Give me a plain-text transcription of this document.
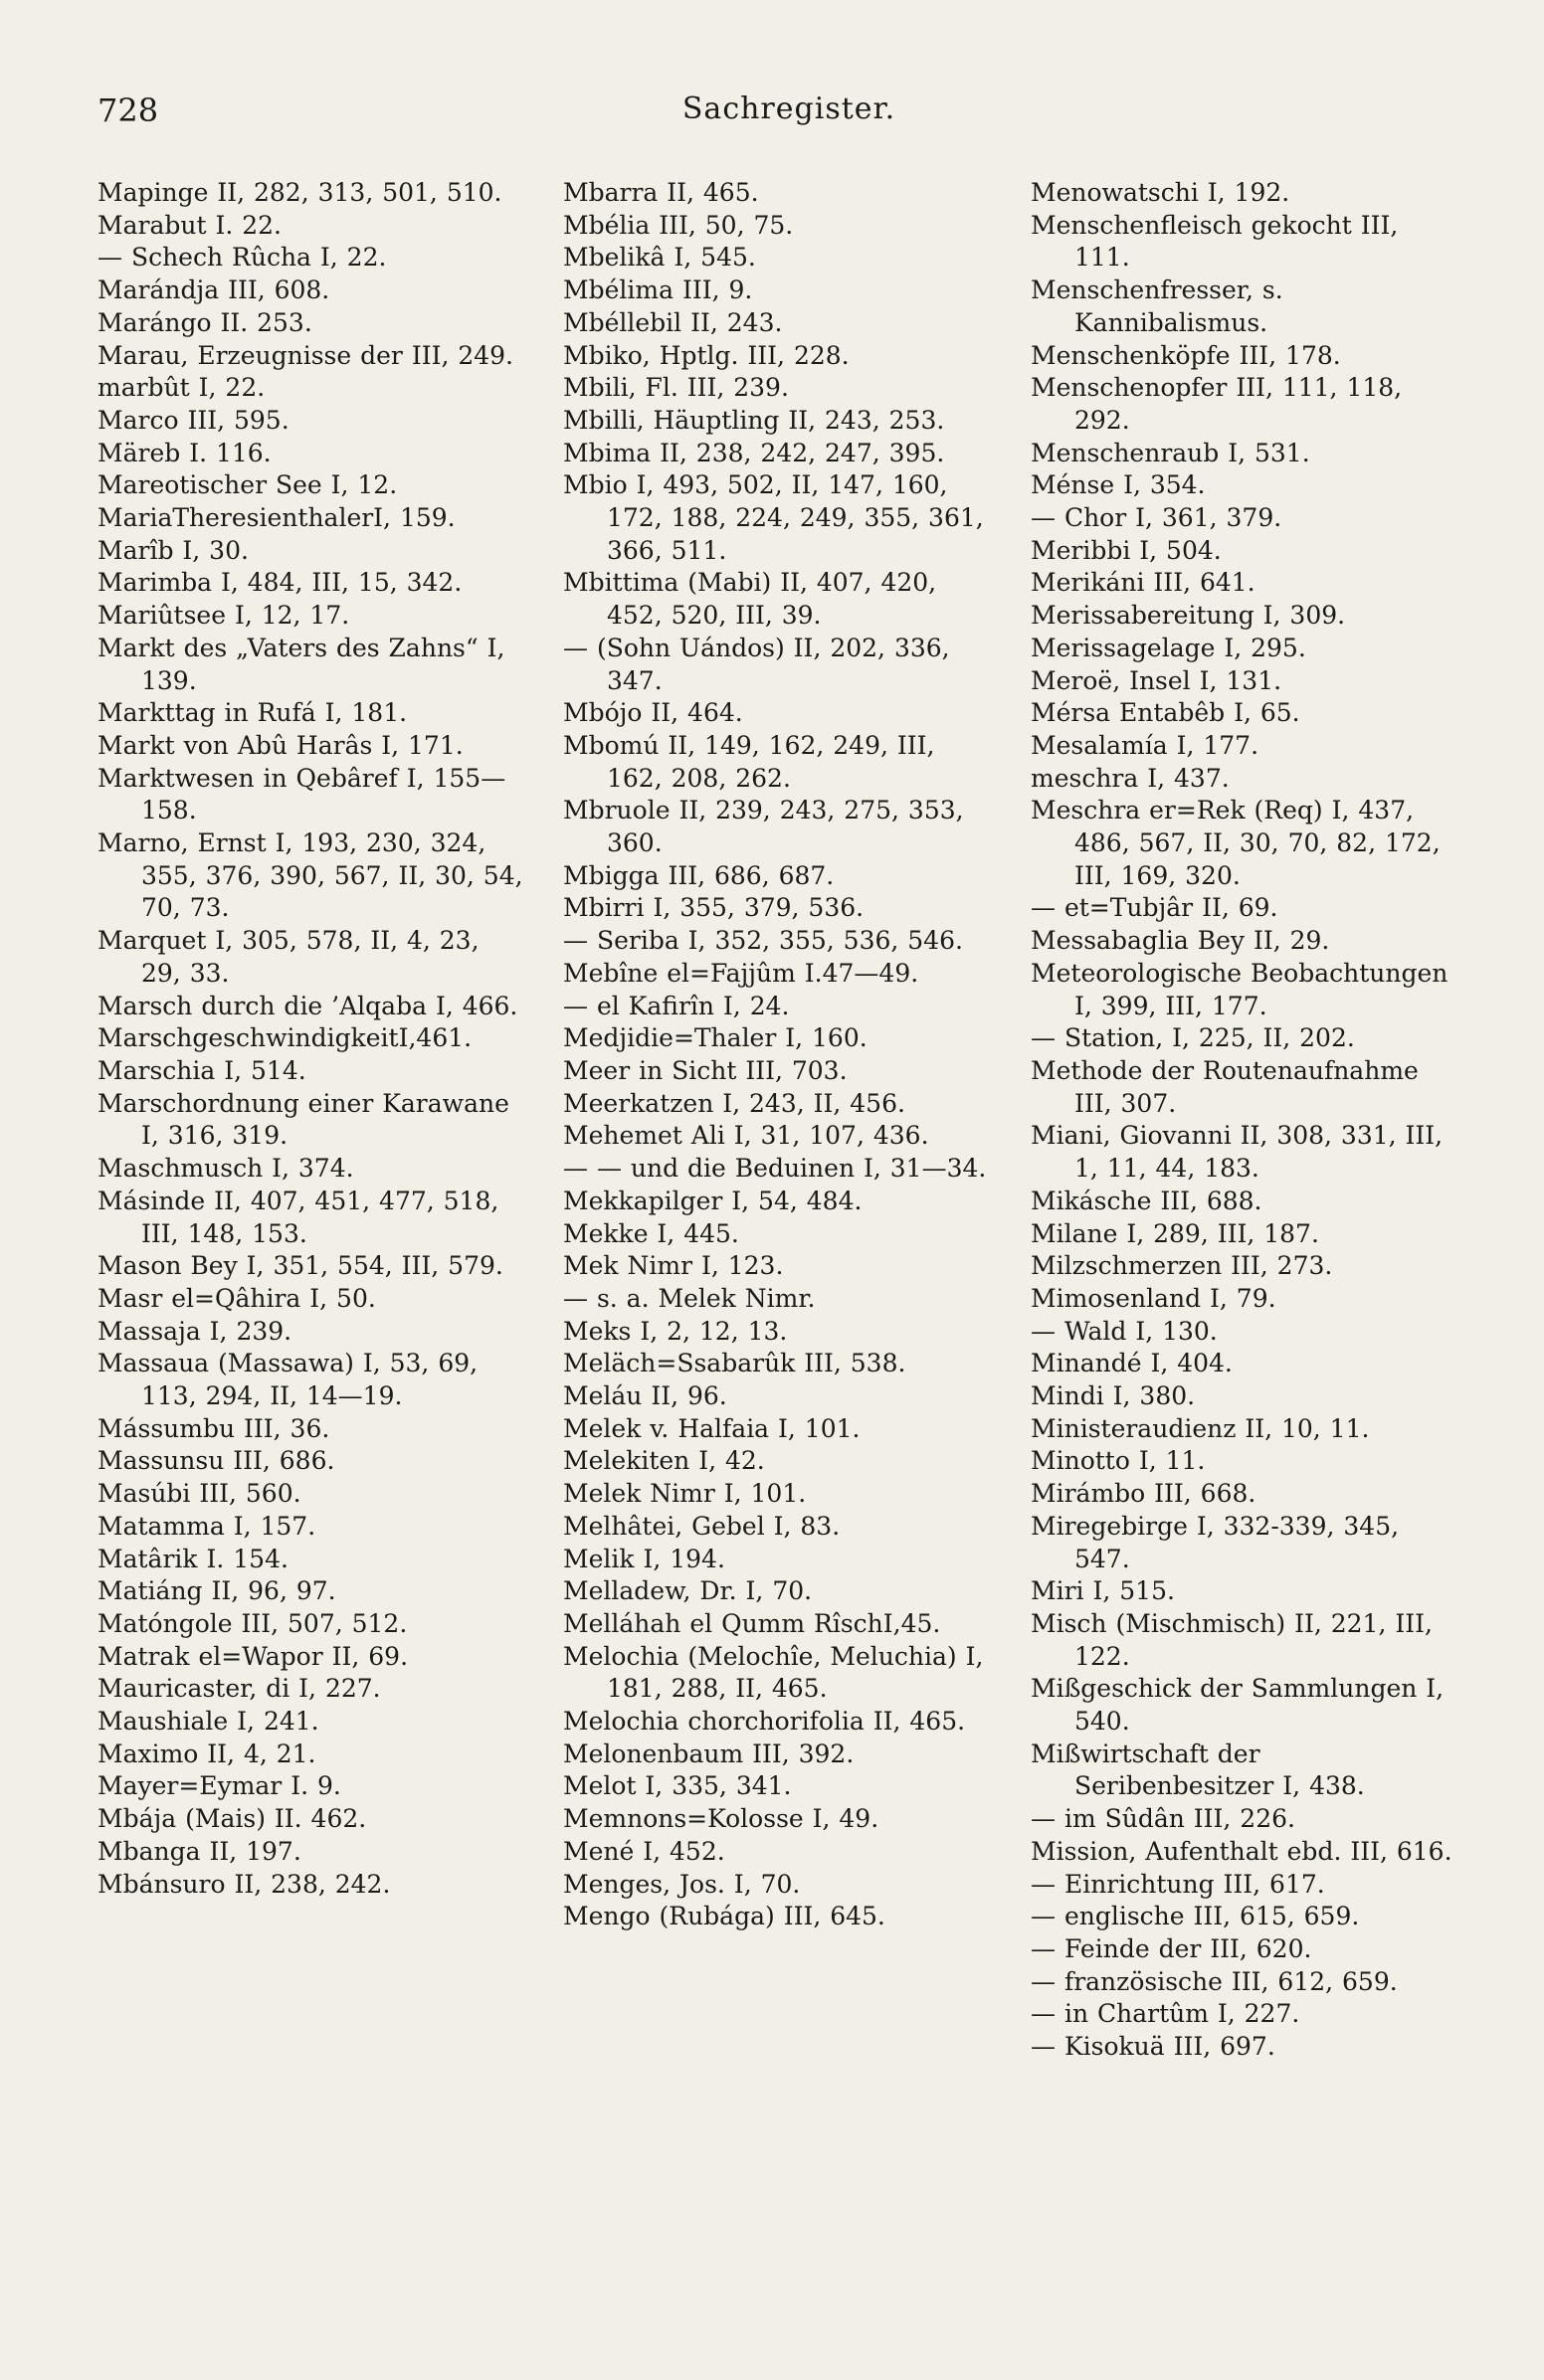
728	Sachregister.
Mapinge II, 282, 313, 501, 510.
Marabut I. 22.
— Schech Rûcha I, 22.
Marándja III, 608.
Marángo II. 253.
Marau, Erzeugnisse der III, 249.
marbût I, 22.
Marco III, 595.
Märeb I. 116.
Mareotischer See I, 12.
MariaTheresienthalerI, 159.
Marîb I, 30.
Marimba I, 484, III, 15, 342.
Mariûtsee I, 12, 17.
Markt des „Vaters des Zahns“ I, 139.
Markttag in Rufá I, 181.
Markt von Abû Harâs I, 171.
Marktwesen in Qebâref I, 155—158.
Marno, Ernst I, 193, 230, 324, 355, 376, 390, 567, II, 30, 54, 70, 73.
Marquet I, 305, 578, II, 4, 23, 29, 33.
Marsch durch die ’Alqaba I, 466.
MarschgeschwindigkeitI,461.
Marschia I, 514.
Marschordnung einer Karawane I, 316, 319.
Maschmusch I, 374.
Másinde II, 407, 451, 477, 518, III, 148, 153.
Mason Bey I, 351, 554, III, 579.
Masr el=Qâhira I, 50.
Massaja I, 239.
Massaua (Massawa) I, 53, 69, 113, 294, II, 14—19.
Mássumbu III, 36.
Massunsu III, 686.
Masúbi III, 560.
Matamma I, 157.
Matârik I. 154.
Matiáng II, 96, 97.
Matóngole III, 507, 512.
Matrak el=Wapor II, 69.
Mauricaster, di I, 227.
Maushiale I, 241.
Maximo II, 4, 21.
Mayer=Eymar I. 9.
Mbája (Mais) II. 462.
Mbanga II, 197.
Mbánsuro II, 238, 242.
Mbarra II, 465.
Mbélia III, 50, 75.
Mbelikâ I, 545.
Mbélima III, 9.
Mbéllebil II, 243.
Mbiko, Hptlg. III, 228.
Mbili, Fl. III, 239.
Mbilli, Häuptling II, 243, 253.
Mbima II, 238, 242, 247, 395.
Mbio I, 493, 502, II, 147, 160, 172, 188, 224, 249, 355, 361, 366, 511.
Mbittima (Mabi) II, 407, 420, 452, 520, III, 39.
— (Sohn Uándos) II, 202, 336, 347.
Mbójo II, 464.
Mbomú II, 149, 162, 249, III, 162, 208, 262.
Mbruole II, 239, 243, 275, 353, 360.
Mbigga III, 686, 687.
Mbirri I, 355, 379, 536.
— Seriba I, 352, 355, 536, 546.
Mebîne el=Fajjûm I.47—49.
— el Kafirîn I, 24.
Medjidie=Thaler I, 160.
Meer in Sicht III, 703.
Meerkatzen I, 243, II, 456.
Mehemet Ali I, 31, 107, 436.
— — und die Beduinen I, 31—34.
Mekkapilger I, 54, 484.
Mekke I, 445.
Mek Nimr I, 123.
— s. a. Melek Nimr.
Meks I, 2, 12, 13.
Meläch=Ssabarûk III, 538.
Meláu II, 96.
Melek v. Halfaia I, 101.
Melekiten I, 42.
Melek Nimr I, 101.
Melhâtei, Gebel I, 83.
Melik I, 194.
Melladew, Dr. I, 70.
Melláhah el Qumm RîschI,45.
Melochia (Melochîe, Meluchia) I, 181, 288, II, 465.
Melochia chorchorifolia II, 465.
Melonenbaum III, 392.
Melot I, 335, 341.
Memnons=Kolosse I, 49.
Mené I, 452.
Menges, Jos. I, 70.
Mengo (Rubága) III, 645.
Menowatschi I, 192.
Menschenfleisch gekocht III, 111.
Menschenfresser, s. Kannibalismus.
Menschenköpfe III, 178.
Menschenopfer III, 111, 118, 292.
Menschenraub I, 531.
Ménse I, 354.
— Chor I, 361, 379.
Meribbi I, 504.
Merikáni III, 641.
Merissabereitung I, 309.
Merissagelage I, 295.
Meroë, Insel I, 131.
Mérsa Entabêb I, 65.
Mesalamía I, 177.
meschra I, 437.
Meschra er=Rek (Req) I, 437, 486, 567, II, 30, 70, 82, 172, III, 169, 320.
— et=Tubjâr II, 69.
Messabaglia Bey II, 29.
Meteorologische Beobachtungen I, 399, III, 177.
— Station, I, 225, II, 202.
Methode der Routenaufnahme III, 307.
Miani, Giovanni II, 308, 331, III, 1, 11, 44, 183.
Mikásche III, 688.
Milane I, 289, III, 187.
Milzschmerzen III, 273.
Mimosenland I, 79.
— Wald I, 130.
Minandé I, 404.
Mindi I, 380.
Ministeraudienz II, 10, 11.
Minotto I, 11.
Mirámbo III, 668.
Miregebirge I, 332-339, 345, 547.
Miri I, 515.
Misch (Mischmisch) II, 221, III, 122.
Mißgeschick der Sammlungen I, 540.
Mißwirtschaft der Seribenbesitzer I, 438.
— im Sûdân III, 226.
Mission, Aufenthalt ebd. III, 616.
— Einrichtung III, 617.
— englische III, 615, 659.
— Feinde der III, 620.
— französische III, 612, 659.
— in Chartûm I, 227.
— Kisokuä III, 697.
